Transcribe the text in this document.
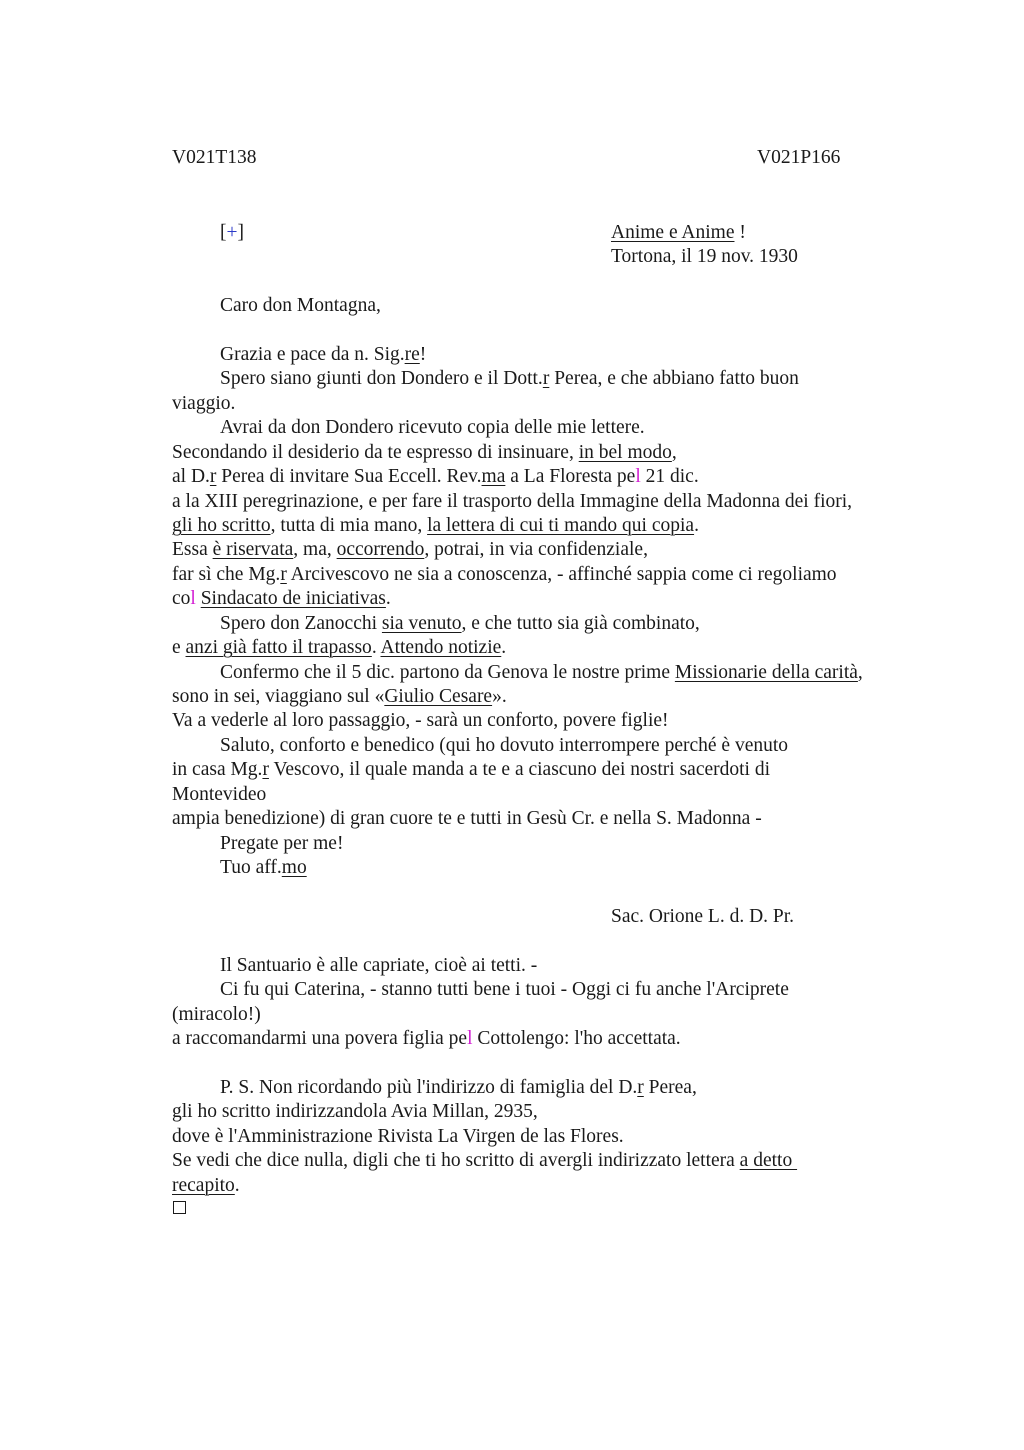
V021T138	V021P166
[+]	Anime e Anime !
Tortona, il 19 nov. 1930
Caro don Montagna,
Grazia e pace da n. Sig.re!
Spero siano giunti don Dondero e il Dott.r Perea, e che abbiano fatto buon
viaggio.
Avrai da don Dondero ricevuto copia delle mie lettere.
Secondando il desiderio da te espresso di insinuare, in bel modo,
al D.r Perea di invitare Sua Eccell. Rev.ma a La Floresta pel 21 dic.
a la XIII peregrinazione, e per fare il trasporto della Immagine della Madonna dei fiori,
gli ho scritto, tutta di mia mano, la lettera di cui ti mando qui copia.
Essa è riservata, ma, occorrendo, potrai, in via confidenziale,
far sì che Mg.r Arcivescovo ne sia a conoscenza, - affinché sappia come ci regoliamo
col Sindacato de iniciativas.
Spero don Zanocchi sia venuto, e che tutto sia già combinato,
e anzi già fatto il trapasso. Attendo notizie.
Confermo che il 5 dic. partono da Genova le nostre prime Missionarie della carità,
sono in sei, viaggiano sul «Giulio Cesare».
Va a vederle al loro passaggio, - sarà un conforto, povere figlie!
Saluto, conforto e benedico (qui ho dovuto interrompere perché è venuto
in casa Mg.r Vescovo, il quale manda a te e a ciascuno dei nostri sacerdoti di
Montevideo
ampia benedizione) di gran cuore te e tutti in Gesù Cr. e nella S. Madonna -
Pregate per me!
Tuo aff.mo
Sac. Orione L. d. D. Pr.
Il Santuario è alle capriate, cioè ai tetti. -
Ci fu qui Caterina, - stanno tutti bene i tuoi - Oggi ci fu anche l'Arciprete
(miracolo!)
a raccomandarmi una povera figlia pel Cottolengo: l'ho accettata.
P. S. Non ricordando più l'indirizzo di famiglia del D.r Perea,
gli ho scritto indirizzandola Avia Millan, 2935,
dove è l'Amministrazione Rivista La Virgen de las Flores.
Se vedi che dice nulla, digli che ti ho scritto di avergli indirizzato lettera a detto
recapito.
